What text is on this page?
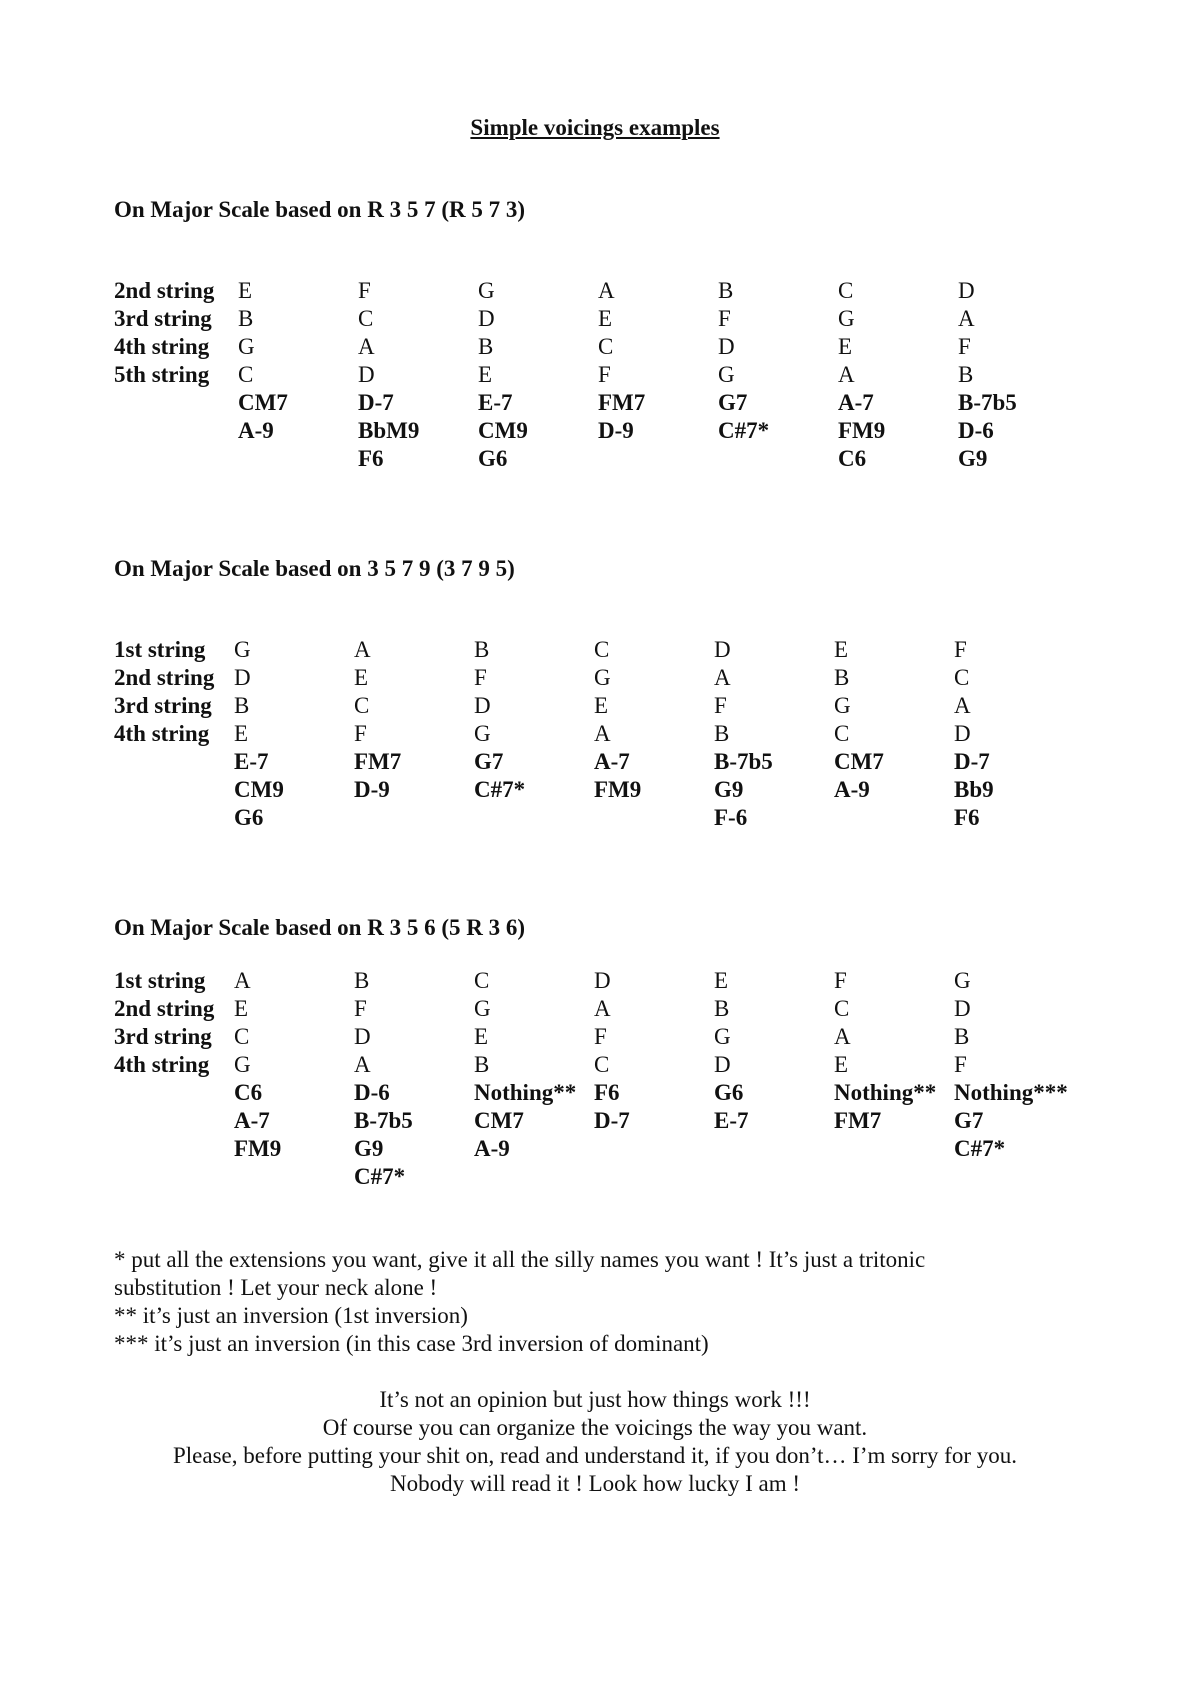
Simple voicings examples
On Major Scale based on R 3 5 7 (R 5 7 3)
2nd string
3rd string
4th string
5th string
E
B
G
C
CM7
A-9
F
C
A
D
D-7
BbM9
F6
G
D
B
E
E-7
CM9
G6
A
E
C
F
FM7
D-9
B
F
D
G
G7
C#7*
C
G
E
A
A-7
FM9
C6
D
A
F
B
B-7b5
D-6
G9
On Major Scale based on 3 5 7 9 (3 7 9 5)
1st string
2nd string
3rd string
4th string
G
D
B
E
E-7
CM9
G6
A
E
C
F
FM7
D-9
B
F
D
G
G7
C#7*
C
G
E
A
A-7
FM9
D
A
F
B
B-7b5
G9
F-6
E
B
G
C
CM7
A-9
F
C
A
D
D-7
Bb9
F6
On Major Scale based on R 3 5 6 (5 R 3 6)
1st string
2nd string
3rd string
4th string
A
E
C
G
C6
A-7
FM9
B
F
D
A
D-6
B-7b5
G9
C#7*
C
G
E
B
Nothing**
CM7
A-9
D
A
F
C
F6
D-7
E
B
G
D
G6
E-7
F
C
A
E
Nothing**
FM7
G
D
B
F
Nothing***
G7
C#7*
* put all the extensions you want, give it all the silly names you want ! It’s just a tritonic substitution ! Let your neck alone !
** it’s just an inversion (1st inversion)
*** it’s just an inversion (in this case 3rd inversion of dominant)
It’s not an opinion but just how things work !!!
Of course you can organize the voicings the way you want.
Please, before putting your shit on, read and understand it, if you don’t… I’m sorry for you.
Nobody will read it ! Look how lucky I am !
